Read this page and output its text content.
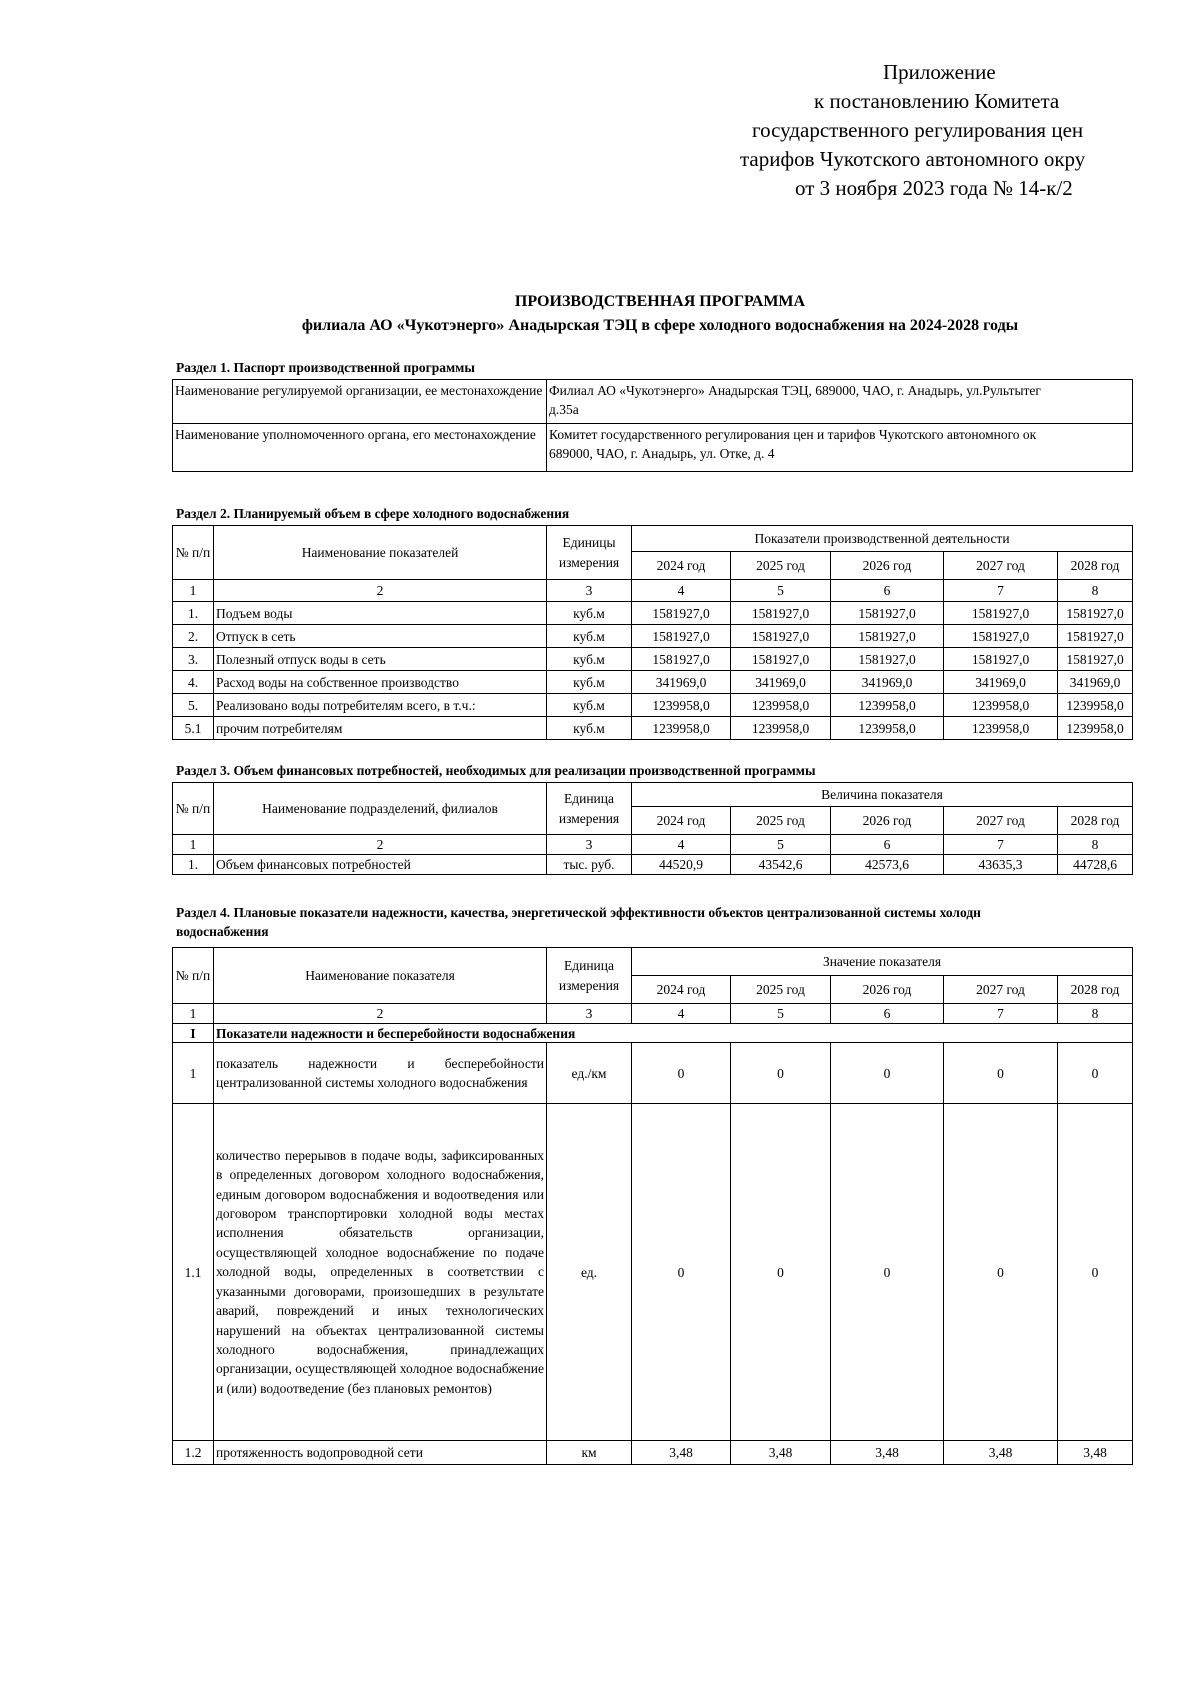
Приложение
к постановлению Комитета
государственного регулирования цен
тарифов Чукотского автономного окру
от 3 ноября 2023 года № 14-к/2
ПРОИЗВОДСТВЕННАЯ ПРОГРАММА
филиала АО «Чукотэнерго» Анадырская ТЭЦ в сфере холодного водоснабжения на 2024-2028 годы
Раздел 1. Паспорт производственной программы
Наименование регулируемой организации, ее местонахождение	Филиал АО «Чукотэнерго» Анадырская ТЭЦ, 689000, ЧАО, г. Анадырь, ул.Рультытег
д.35а

Наименование уполномоченного органа, его местонахождение	Комитет государственного регулирования цен и тарифов Чукотского автономного ок
689000, ЧАО, г. Анадырь, ул. Отке, д. 4
Раздел 2. Планируемый объем в сфере холодного водоснабжения
№ п/п	Наименование показателей	Единицы измерения	Показатели производственной деятельности				
			2024 год	2025 год	2026 год	2027 год	2028 год
1	2	3	4	5	6	7	8
1.	Подъем воды	куб.м	1581927,0	1581927,0	1581927,0	1581927,0	1581927,0
2.	Отпуск в сеть	куб.м	1581927,0	1581927,0	1581927,0	1581927,0	1581927,0
3.	Полезный отпуск воды в сеть	куб.м	1581927,0	1581927,0	1581927,0	1581927,0	1581927,0
4.	Расход воды на собственное производство	куб.м	341969,0	341969,0	341969,0	341969,0	341969,0
5.	Реализовано воды потребителям всего, в т.ч.:	куб.м	1239958,0	1239958,0	1239958,0	1239958,0	1239958,0
5.1	прочим потребителям	куб.м	1239958,0	1239958,0	1239958,0	1239958,0	1239958,0
Раздел 3. Объем финансовых потребностей, необходимых для реализации производственной программы
№ п/п	Наименование подразделений, филиалов	Единица измерения	Величина показателя				
			2024 год	2025 год	2026 год	2027 год	2028 год
1	2	3	4	5	6	7	8
1.	Объем финансовых потребностей	тыс. руб.	44520,9	43542,6	42573,6	43635,3	44728,6
Раздел 4. Плановые показатели надежности, качества, энергетической эффективности объектов централизованной системы холодн
водоснабжения
№ п/п	Наименование показателя	Единица измерения	Значение показателя				
			2024 год	2025 год	2026 год	2027 год	2028 год
1	2	3	4	5	6	7	8
I	Показатели надежности и бесперебойности водоснабжения						
1	показатель надежности и бесперебойности централизованной системы холодного водоснабжения	ед./км	0	0	0	0	0
1.1	количество перерывов в подаче воды, зафиксированных в определенных договором холодного водоснабжения, единым договором водоснабжения и водоотведения или договором транспортировки холодной воды местах исполнения обязательств организации, осуществляющей холодное водоснабжение по подаче холодной воды, определенных в соответствии с указанными договорами, произошедших в результате аварий, повреждений и иных технологических нарушений на объектах централизованной системы холодного водоснабжения, принадлежащих организации, осуществляющей холодное водоснабжение и (или) водоотведение (без плановых ремонтов)	ед.	0	0	0	0	0
1.2	протяженность водопроводной сети	км	3,48	3,48	3,48	3,48	3,48
